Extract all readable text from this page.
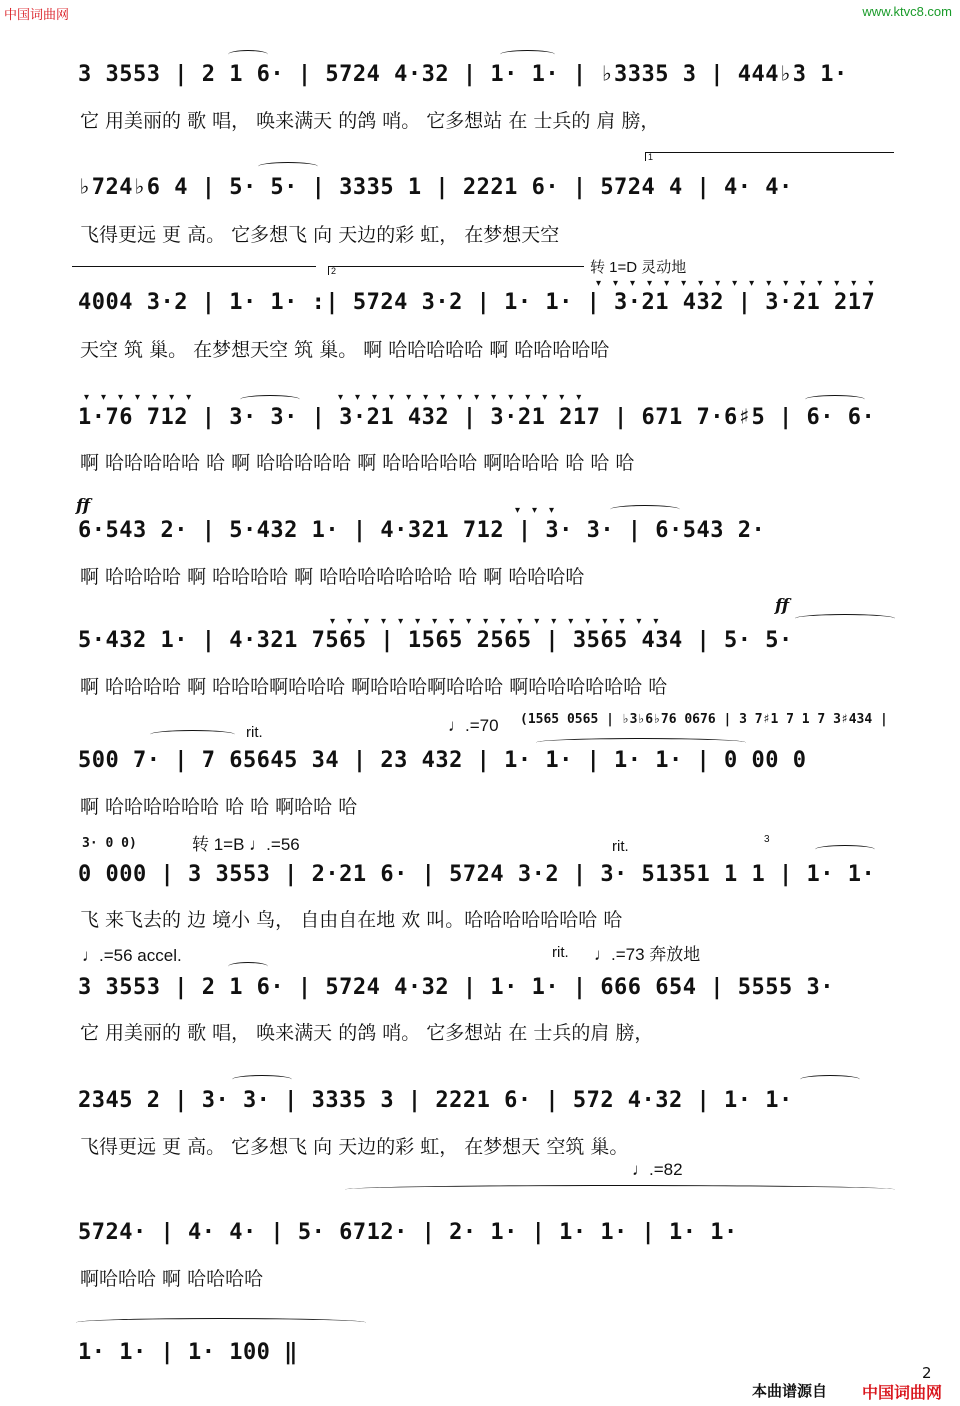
中国词曲网	www.ktvc8.com
1
2	转 1=D 灵动地
▾▾▾▾▾▾▾▾▾▾▾▾▾▾▾▾▾
▾▾▾▾▾▾▾	▾▾▾▾▾▾▾▾▾▾▾▾▾▾▾
ff	▾▾▾
▾▾▾▾▾▾▾▾▾▾▾▾▾▾▾▾▾▾▾▾
ff
rit.	♩.=70 (1565 0565 | ♭3♭6♭76 0676 | 3 7♯1 7 1 7 3♯434 |
3· 0 0)	转 1=B ♩.=56	rit.	3
♩.=56 accel.	rit. ♩.=73 奔放地
♩.=82
3 3553 | 2 1 6· | 5724 4·32 | 1· 1· | ♭3335 3 | 444♭3 1·
它 用美丽的 歌 唱， 唤来满天 的鸽 哨。 它多想站 在 士兵的 肩 膀，
♭724♭6 4 | 5· 5· | 3335 1 | 2221 6· | 5724 4 | 4· 4·
飞得更远 更 高。 它多想飞 向 天边的彩 虹， 在梦想天空
4004 3·2 | 1· 1· :| 5724 3·2 | 1· 1· | 3·21 432 | 3·21 217
天空 筑 巢。 在梦想天空 筑 巢。 啊 哈哈哈哈哈 啊 哈哈哈哈哈
1·76 712 | 3· 3· | 3·21 432 | 3·21 217 | 671 7·6♯5 | 6· 6·
啊 哈哈哈哈哈 哈 啊 哈哈哈哈哈 啊 哈哈哈哈哈 啊哈哈哈 哈 哈 哈
6·543 2· | 5·432 1· | 4·321 712 | 3· 3· | 6·543 2·
啊 哈哈哈哈 啊 哈哈哈哈 啊 哈哈哈哈哈哈哈 哈 啊 哈哈哈哈
5·432 1· | 4·321 7565 | 1565 2565 | 3565 434 | 5· 5·
啊 哈哈哈哈 啊 哈哈哈啊哈哈哈 啊哈哈哈啊哈哈哈 啊哈哈哈哈哈哈 哈
500 7· | 7 65645 34 | 23 432 | 1· 1· | 1· 1· | 0 00 0
啊 哈哈哈哈哈哈 哈 哈 啊哈哈 哈
0 000 | 3 3553 | 2·21 6· | 5724 3·2 | 3· 51351 1 1 | 1· 1·
飞 来飞去的 边 境小 鸟， 自由自在地 欢 叫。哈哈哈哈哈哈哈 哈
3 3553 | 2 1 6· | 5724 4·32 | 1· 1· | 666 654 | 5555 3·
它 用美丽的 歌 唱， 唤来满天 的鸽 哨。 它多想站 在 士兵的肩 膀，
2345 2 | 3· 3· | 3335 3 | 2221 6· | 572 4·32 | 1· 1·
飞得更远 更 高。 它多想飞 向 天边的彩 虹， 在梦想天 空筑 巢。
5724· | 4· 4· | 5· 6712· | 2· 1· | 1· 1· | 1· 1·
啊哈哈哈 啊 哈哈哈哈
1· 1· | 1· 100 ‖
本曲谱源自 中国词曲网
2
